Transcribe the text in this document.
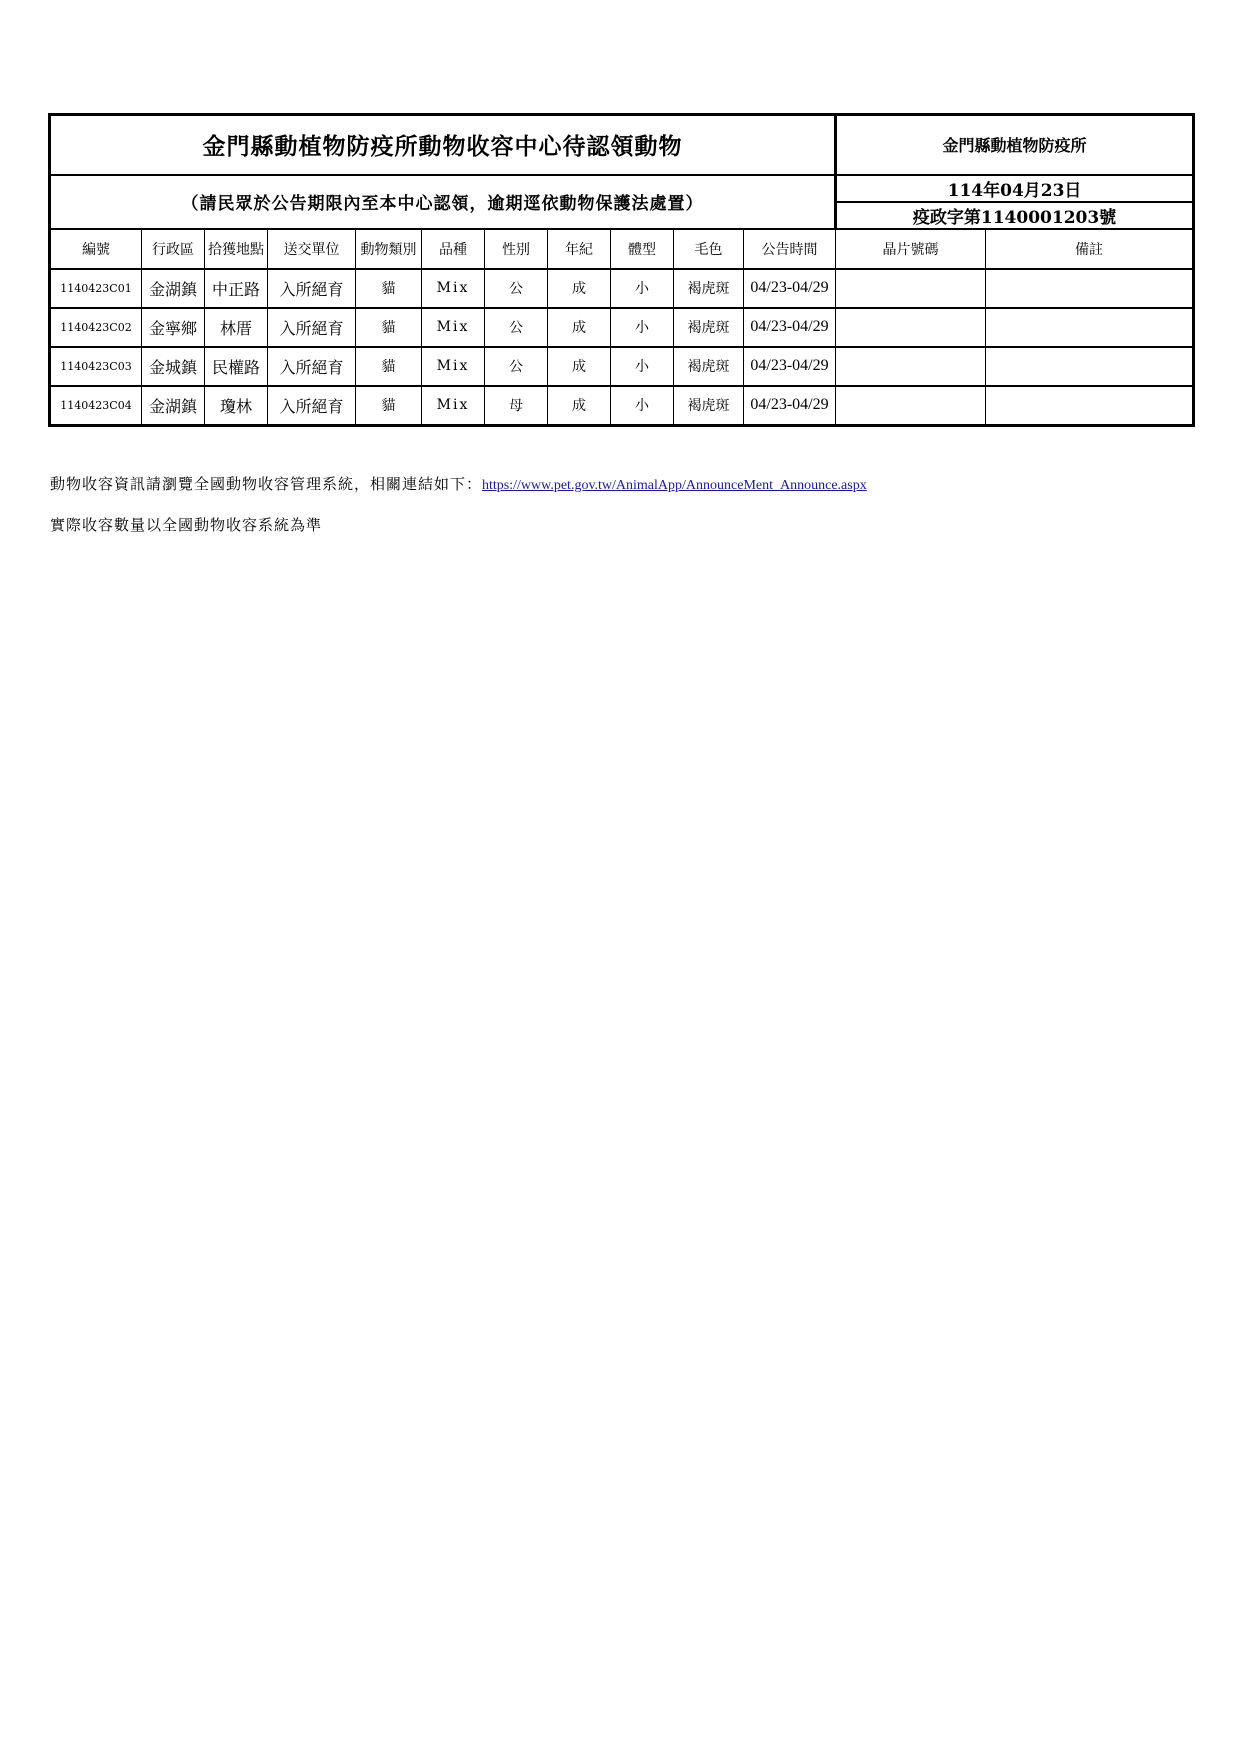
金門縣動植物防疫所動物收容中心待認領動物											金門縣動植物防疫所	
（請民眾於公告期限內至本中心認領，逾期逕依動物保護法處置）											114年04月23日	
											疫政字第1140001203號	
編號	行政區	拾獲地點	送交單位	動物類別	品種	性別	年紀	體型	毛色	公告時間	晶片號碼	備註
1140423C01	金湖鎮	中正路	入所絕育	貓	Mix	公	成	小	褐虎斑	04/23-04/29		
1140423C02	金寧鄉	林厝	入所絕育	貓	Mix	公	成	小	褐虎斑	04/23-04/29		
1140423C03	金城鎮	民權路	入所絕育	貓	Mix	公	成	小	褐虎斑	04/23-04/29		
1140423C04	金湖鎮	瓊林	入所絕育	貓	Mix	母	成	小	褐虎斑	04/23-04/29		
動物收容資訊請瀏覽全國動物收容管理系統，相關連結如下：https://www.pet.gov.tw/AnimalApp/AnnounceMent_Announce.aspx
實際收容數量以全國動物收容系統為準
